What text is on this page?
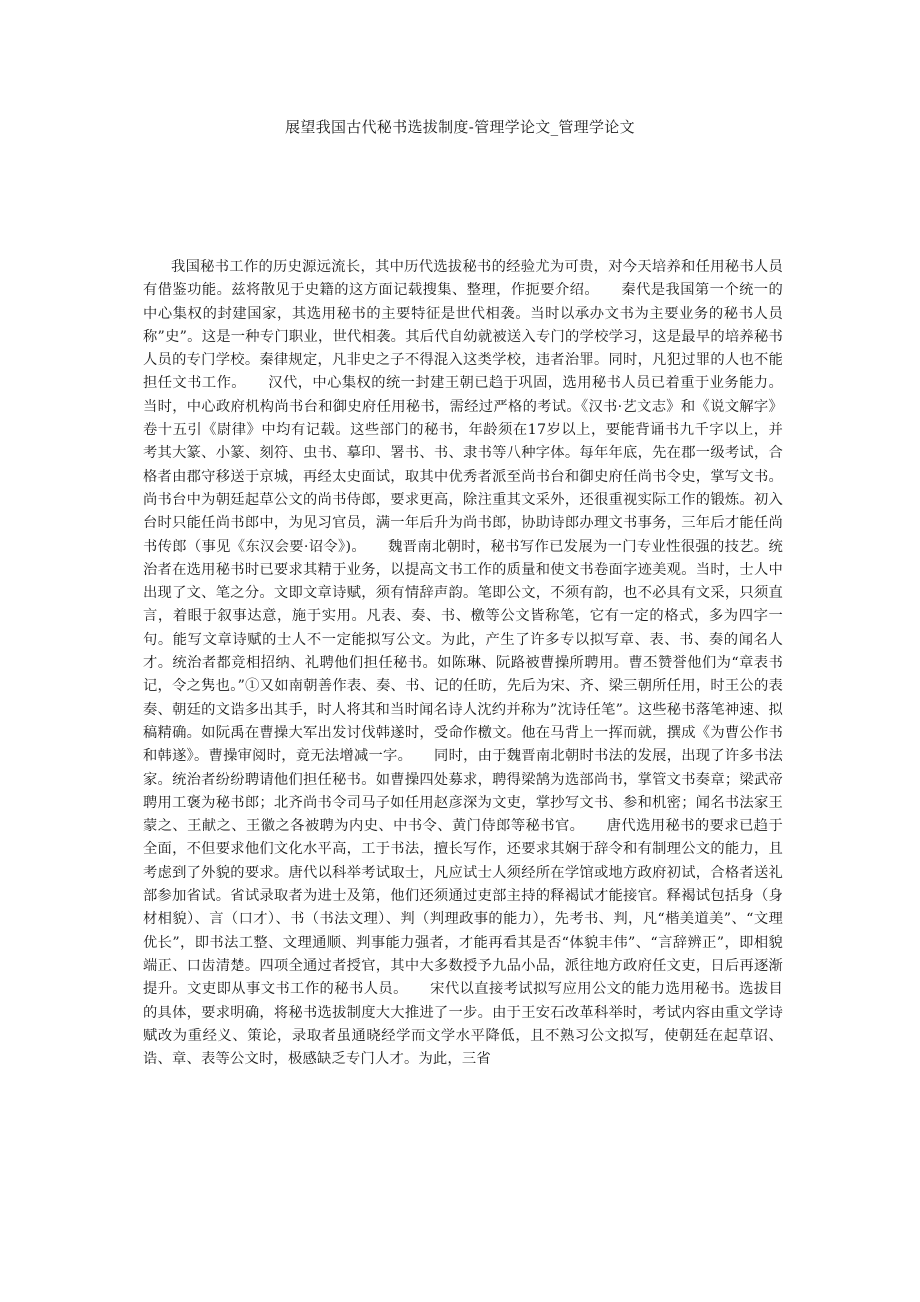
展望我国古代秘书选拔制度-管理学论文_管理学论文

我国秘书工作的历史源远流长，其中历代选拔秘书的经验尤为可贵，对今天培养和任用秘书人员有借鉴功能。兹将散见于史籍的这方面记载搜集、整理，作扼要介绍。　　秦代是我国第一个统一的中心集权的封建国家，其选用秘书的主要特征是世代相袭。当时以承办文书为主要业务的秘书人员称”史”。这是一种专门职业，世代相袭。其后代自幼就被送入专门的学校学习，这是最早的培养秘书人员的专门学校。秦律规定，凡非史之子不得混入这类学校，违者治罪。同时，凡犯过罪的人也不能担任文书工作。　　汉代，中心集权的统一封建王朝已趋于巩固，选用秘书人员已着重于业务能力。当时，中心政府机构尚书台和御史府任用秘书，需经过严格的考试。《汉书·艺文志》和《说文解字》卷十五引《尉律》中均有记载。这些部门的秘书，年龄须在17岁以上，要能背诵书九千字以上，并考其大篆、小篆、刻符、虫书、摹印、署书、书、隶书等八种字体。每年年底，先在郡一级考试，合格者由郡守移送于京城，再经太史面试，取其中优秀者派至尚书台和御史府任尚书令史，掌写文书。尚书台中为朝廷起草公文的尚书侍郎，要求更高，除注重其文采外，还很重视实际工作的锻炼。初入台时只能任尚书郎中，为见习官员，满一年后升为尚书郎，协助诗郎办理文书事务，三年后才能任尚书传郎（事见《东汉会要·诏令》)。　　魏晋南北朝时，秘书写作已发展为一门专业性很强的技艺。统治者在选用秘书时已要求其精于业务，以提高文书工作的质量和使文书卷面字迹美观。当时，士人中出现了文、笔之分。文即文章诗赋，须有情辞声韵。笔即公文，不须有韵，也不必具有文采，只须直言，着眼于叙事达意，施于实用。凡表、奏、书、檄等公文皆称笔，它有一定的格式，多为四字一句。能写文章诗赋的士人不一定能拟写公文。为此，产生了许多专以拟写章、表、书、奏的闻名人才。统治者都竞相招纳、礼聘他们担任秘书。如陈琳、阮路被曹操所聘用。曹丕赞誉他们为“章表书记，令之隽也。”①又如南朝善作表、奏、书、记的任昉，先后为宋、齐、梁三朝所任用，时王公的表奏、朝廷的文诰多出其手，时人将其和当时闻名诗人沈约并称为”沈诗任笔”。这些秘书落笔神速、拟稿精确。如阮禹在曹操大军出发讨伐韩遂时，受命作檄文。他在马背上一挥而就，撰成《为曹公作书和韩遂》。曹操审阅时，竟无法增减一字。　　同时，由于魏晋南北朝时书法的发展，出现了许多书法家。统治者纷纷聘请他们担任秘书。如曹操四处募求，聘得梁鹄为选部尚书，掌管文书奏章；梁武帝聘用工褒为秘书郎；北齐尚书令司马子如任用赵彦深为文吏，掌抄写文书、参和机密；闻名书法家王蒙之、王献之、王徽之各被聘为内史、中书令、黄门侍郎等秘书官。　　唐代选用秘书的要求已趋于全面，不但要求他们文化水平高，工于书法，擅长写作，还要求其娴于辞令和有制理公文的能力，且考虑到了外貌的要求。唐代以科举考试取士，凡应试士人须经所在学馆或地方政府初试，合格者送礼部参加省试。省试录取者为进士及第，他们还须通过吏部主持的释褐试才能接官。释褐试包括身（身材相貌）、言（口才）、书（书法文理）、判（判理政事的能力），先考书、判，凡“楷美道美”、“文理优长”，即书法工整、文理通顺、判事能力强者，才能再看其是否“体貌丰伟”、“言辞辨正”，即相貌端正、口齿清楚。四项全通过者授官，其中大多数授予九品小品，派往地方政府任文吏，日后再逐渐提升。文吏即从事文书工作的秘书人员。　　宋代以直接考试拟写应用公文的能力选用秘书。选拔目的具体，要求明确，将秘书选拔制度大大推进了一步。由于王安石改革科举时，考试内容由重文学诗赋改为重经义、策论，录取者虽通晓经学而文学水平降低，且不熟习公文拟写，使朝廷在起草诏、诰、章、表等公文时，极感缺乏专门人才。为此，三省
